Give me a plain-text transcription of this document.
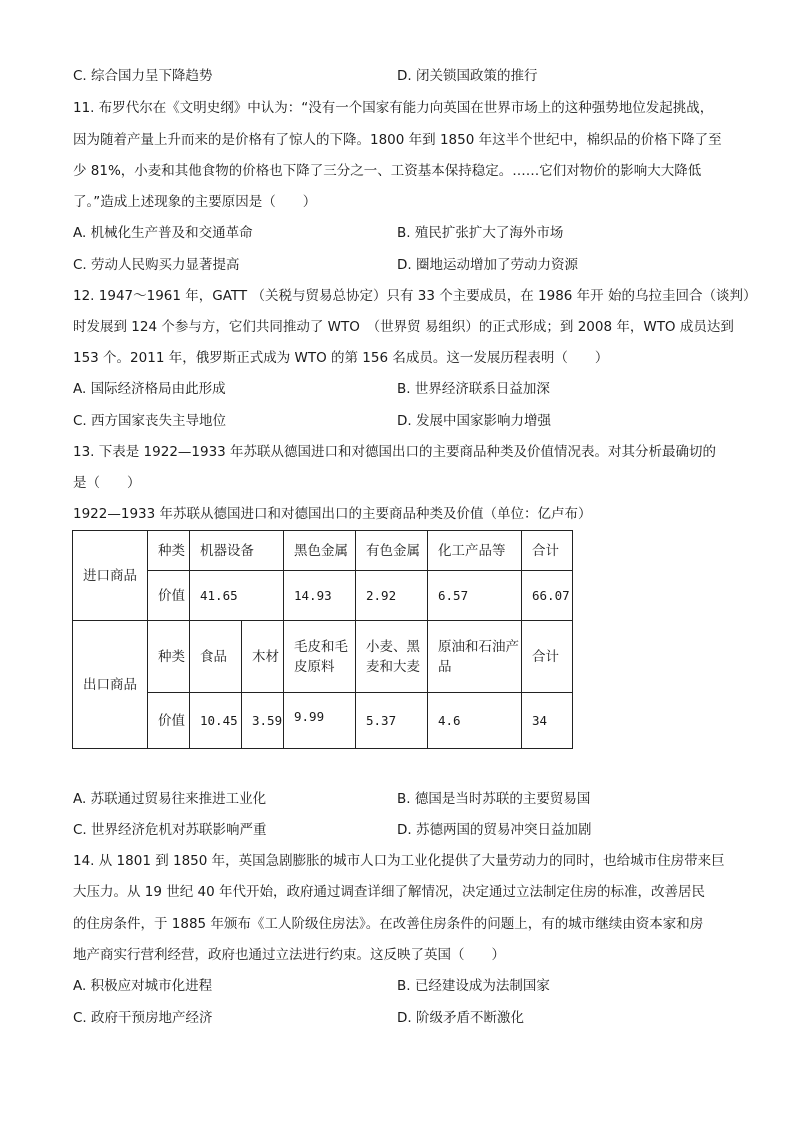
C. 综合国力呈下降趋势	D. 闭关锁国政策的推行
11. 布罗代尔在《文明史纲》中认为：“没有一个国家有能力向英国在世界市场上的这种强势地位发起挑战，
因为随着产量上升而来的是价格有了惊人的下降。1800 年到 1850 年这半个世纪中，棉织品的价格下降了至
少 81%，小麦和其他食物的价格也下降了三分之一、工资基本保持稳定。……它们对物价的影响大大降低
了。”造成上述现象的主要原因是（　　）
A. 机械化生产普及和交通革命	B. 殖民扩张扩大了海外市场
C. 劳动人民购买力显著提高	D. 圈地运动增加了劳动力资源
12. 1947～1961 年，GATT （关税与贸易总协定）只有 33 个主要成员，在 1986 年开 始的乌拉圭回合（谈判）
时发展到 124 个参与方，它们共同推动了 WTO　（世界贸 易组织）的正式形成；到 2008 年，WTO 成员达到
153 个。2011 年，俄罗斯正式成为 WTO 的第 156 名成员。这一发展历程表明（　　）
A. 国际经济格局由此形成	B. 世界经济联系日益加深
C. 西方国家丧失主导地位	D. 发展中国家影响力增强
13. 下表是 1922—1933 年苏联从德国进口和对德国出口的主要商品种类及价值情况表。对其分析最确切的
是（　　）
1922—1933 年苏联从德国进口和对德国出口的主要商品种类及价值（单位：亿卢布）
进口商品	种类	机器设备		黑色金属	有色金属	化工产品等	合计
	价值	41.65		14.93	2.92	6.57	66.07
出口商品	种类	食品	木材	毛皮和毛皮原料	小麦、黑麦和大麦	原油和石油产品	合计
	价值	10.45	3.59	9.99	5.37	4.6	34
A. 苏联通过贸易往来推进工业化	B. 德国是当时苏联的主要贸易国
C. 世界经济危机对苏联影响严重	D. 苏德两国的贸易冲突日益加剧
14. 从 1801 到 1850 年，英国急剧膨胀的城市人口为工业化提供了大量劳动力的同时，也给城市住房带来巨
大压力。从 19 世纪 40 年代开始，政府通过调查详细了解情况，决定通过立法制定住房的标准，改善居民
的住房条件，于 1885 年颁布《工人阶级住房法》。在改善住房条件的问题上，有的城市继续由资本家和房
地产商实行营利经营，政府也通过立法进行约束。这反映了英国（　　）
A. 积极应对城市化进程	B. 已经建设成为法制国家
C. 政府干预房地产经济	D. 阶级矛盾不断激化
